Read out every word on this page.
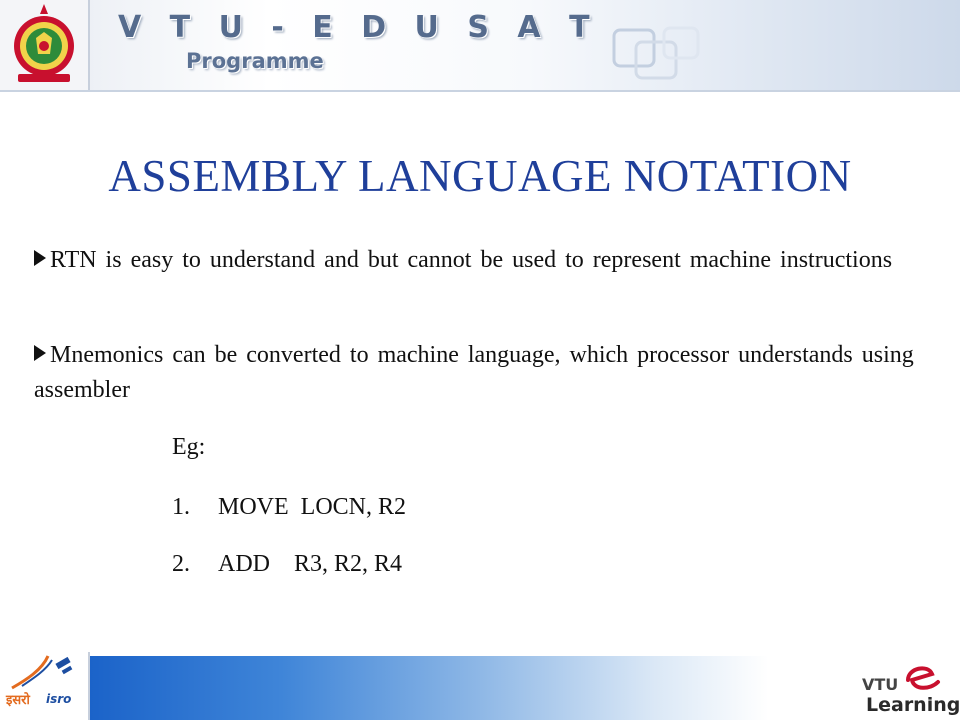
V T U - E D U S A T
Programme
ASSEMBLY LANGUAGE NOTATION
RTN is easy to understand and but cannot be used to represent machine instructions
Mnemonics can be converted to machine language, which processor understands using assembler
Eg:
1. MOVE  LOCN, R2
2. ADD    R3, R2, R4
इसरो isro
VTU
Learning
